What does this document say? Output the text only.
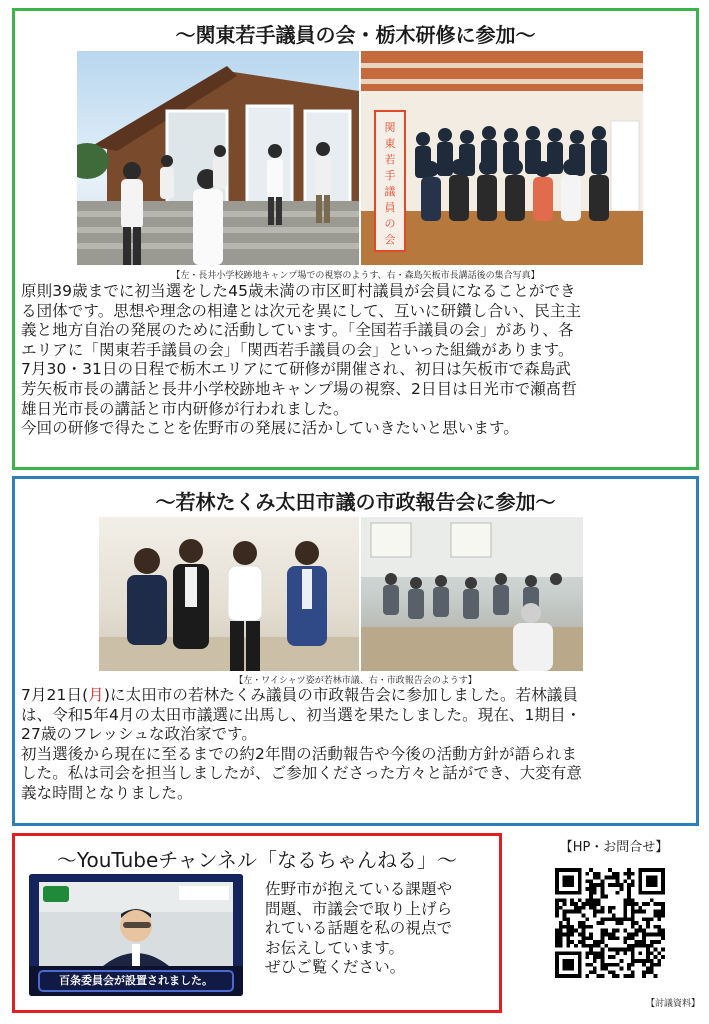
〜関東若手議員の会・栃木研修に参加〜
関
東
若
手
議
員
の
会
【左・長井小学校跡地キャンプ場での視察のようす、右・森島矢板市長講話後の集合写真】

原則39歳までに初当選をした45歳未満の市区町村議員が会員になることができ

る団体です。思想や理念の相違とは次元を異にして、互いに研鑽し合い、民主主

義と地方自治の発展のために活動しています。「全国若手議員の会」があり、各

エリアに「関東若手議員の会」「関西若手議員の会」といった組織があります。

7月30・31日の日程で栃木エリアにて研修が開催され、初日は矢板市で森島武

芳矢板市長の講話と長井小学校跡地キャンプ場の視察、2日目は日光市で瀬髙哲

雄日光市長の講話と市内研修が行われました。

今回の研修で得たことを佐野市の発展に活かしていきたいと思います。

〜若林たくみ太田市議の市政報告会に参加〜
【左・ワイシャツ姿が若林市議、右・市政報告会のようす】

7月21日(月)に太田市の若林たくみ議員の市政報告会に参加しました。若林議員

は、令和5年4月の太田市議選に出馬し、初当選を果たしました。現在、1期目・

27歳のフレッシュな政治家です。

初当選後から現在に至るまでの約2年間の活動報告や今後の活動方針が語られま

した。私は司会を担当しましたが、ご参加くださった方々と話ができ、大変有意

義な時間となりました。

〜YouTubeチャンネル「なるちゃんねる」〜
百条委員会が設置されました。

佐野市が抱えている課題や

問題、市議会で取り上げら

れている話題を私の視点で

お伝えしています。

ぜひご覧ください。

【HP・お問合せ】
【討議資料】
